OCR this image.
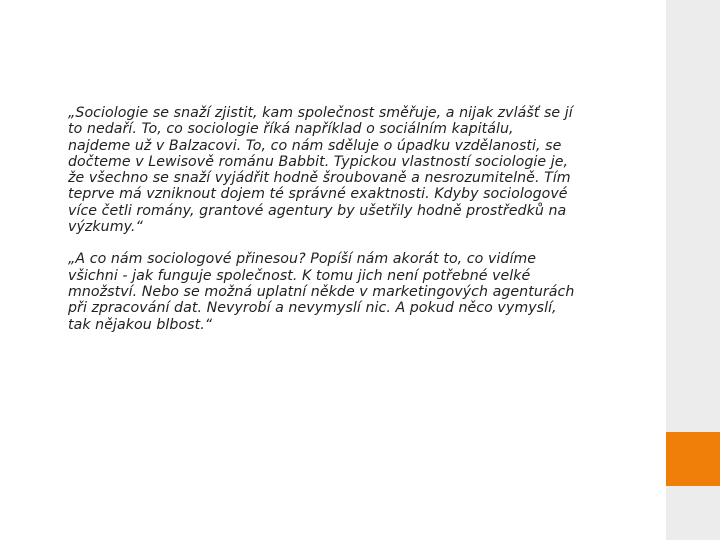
„Sociologie se snaží zjistit, kam společnost směřuje, a nijak zvlášť se jí
to nedaří. To, co sociologie říká například o sociálním kapitálu,
najdeme už v Balzacovi. To, co nám sděluje o úpadku vzdělanosti, se
dočteme v Lewisově románu Babbit. Typickou vlastností sociologie je,
že všechno se snaží vyjádřit hodně šroubovaně a nesrozumitelně. Tím
teprve má vzniknout dojem té správné exaktnosti. Kdyby sociologové
více četli romány, grantové agentury by ušetřily hodně prostředků na
výzkumy.“

„A co nám sociologové přinesou? Popíší nám akorát to, co vidíme
všichni - jak funguje společnost. K tomu jich není potřebné velké
množství. Nebo se možná uplatní někde v marketingových agenturách
při zpracování dat. Nevyrobí a nevymyslí nic. A pokud něco vymyslí,
tak nějakou blbost.“
